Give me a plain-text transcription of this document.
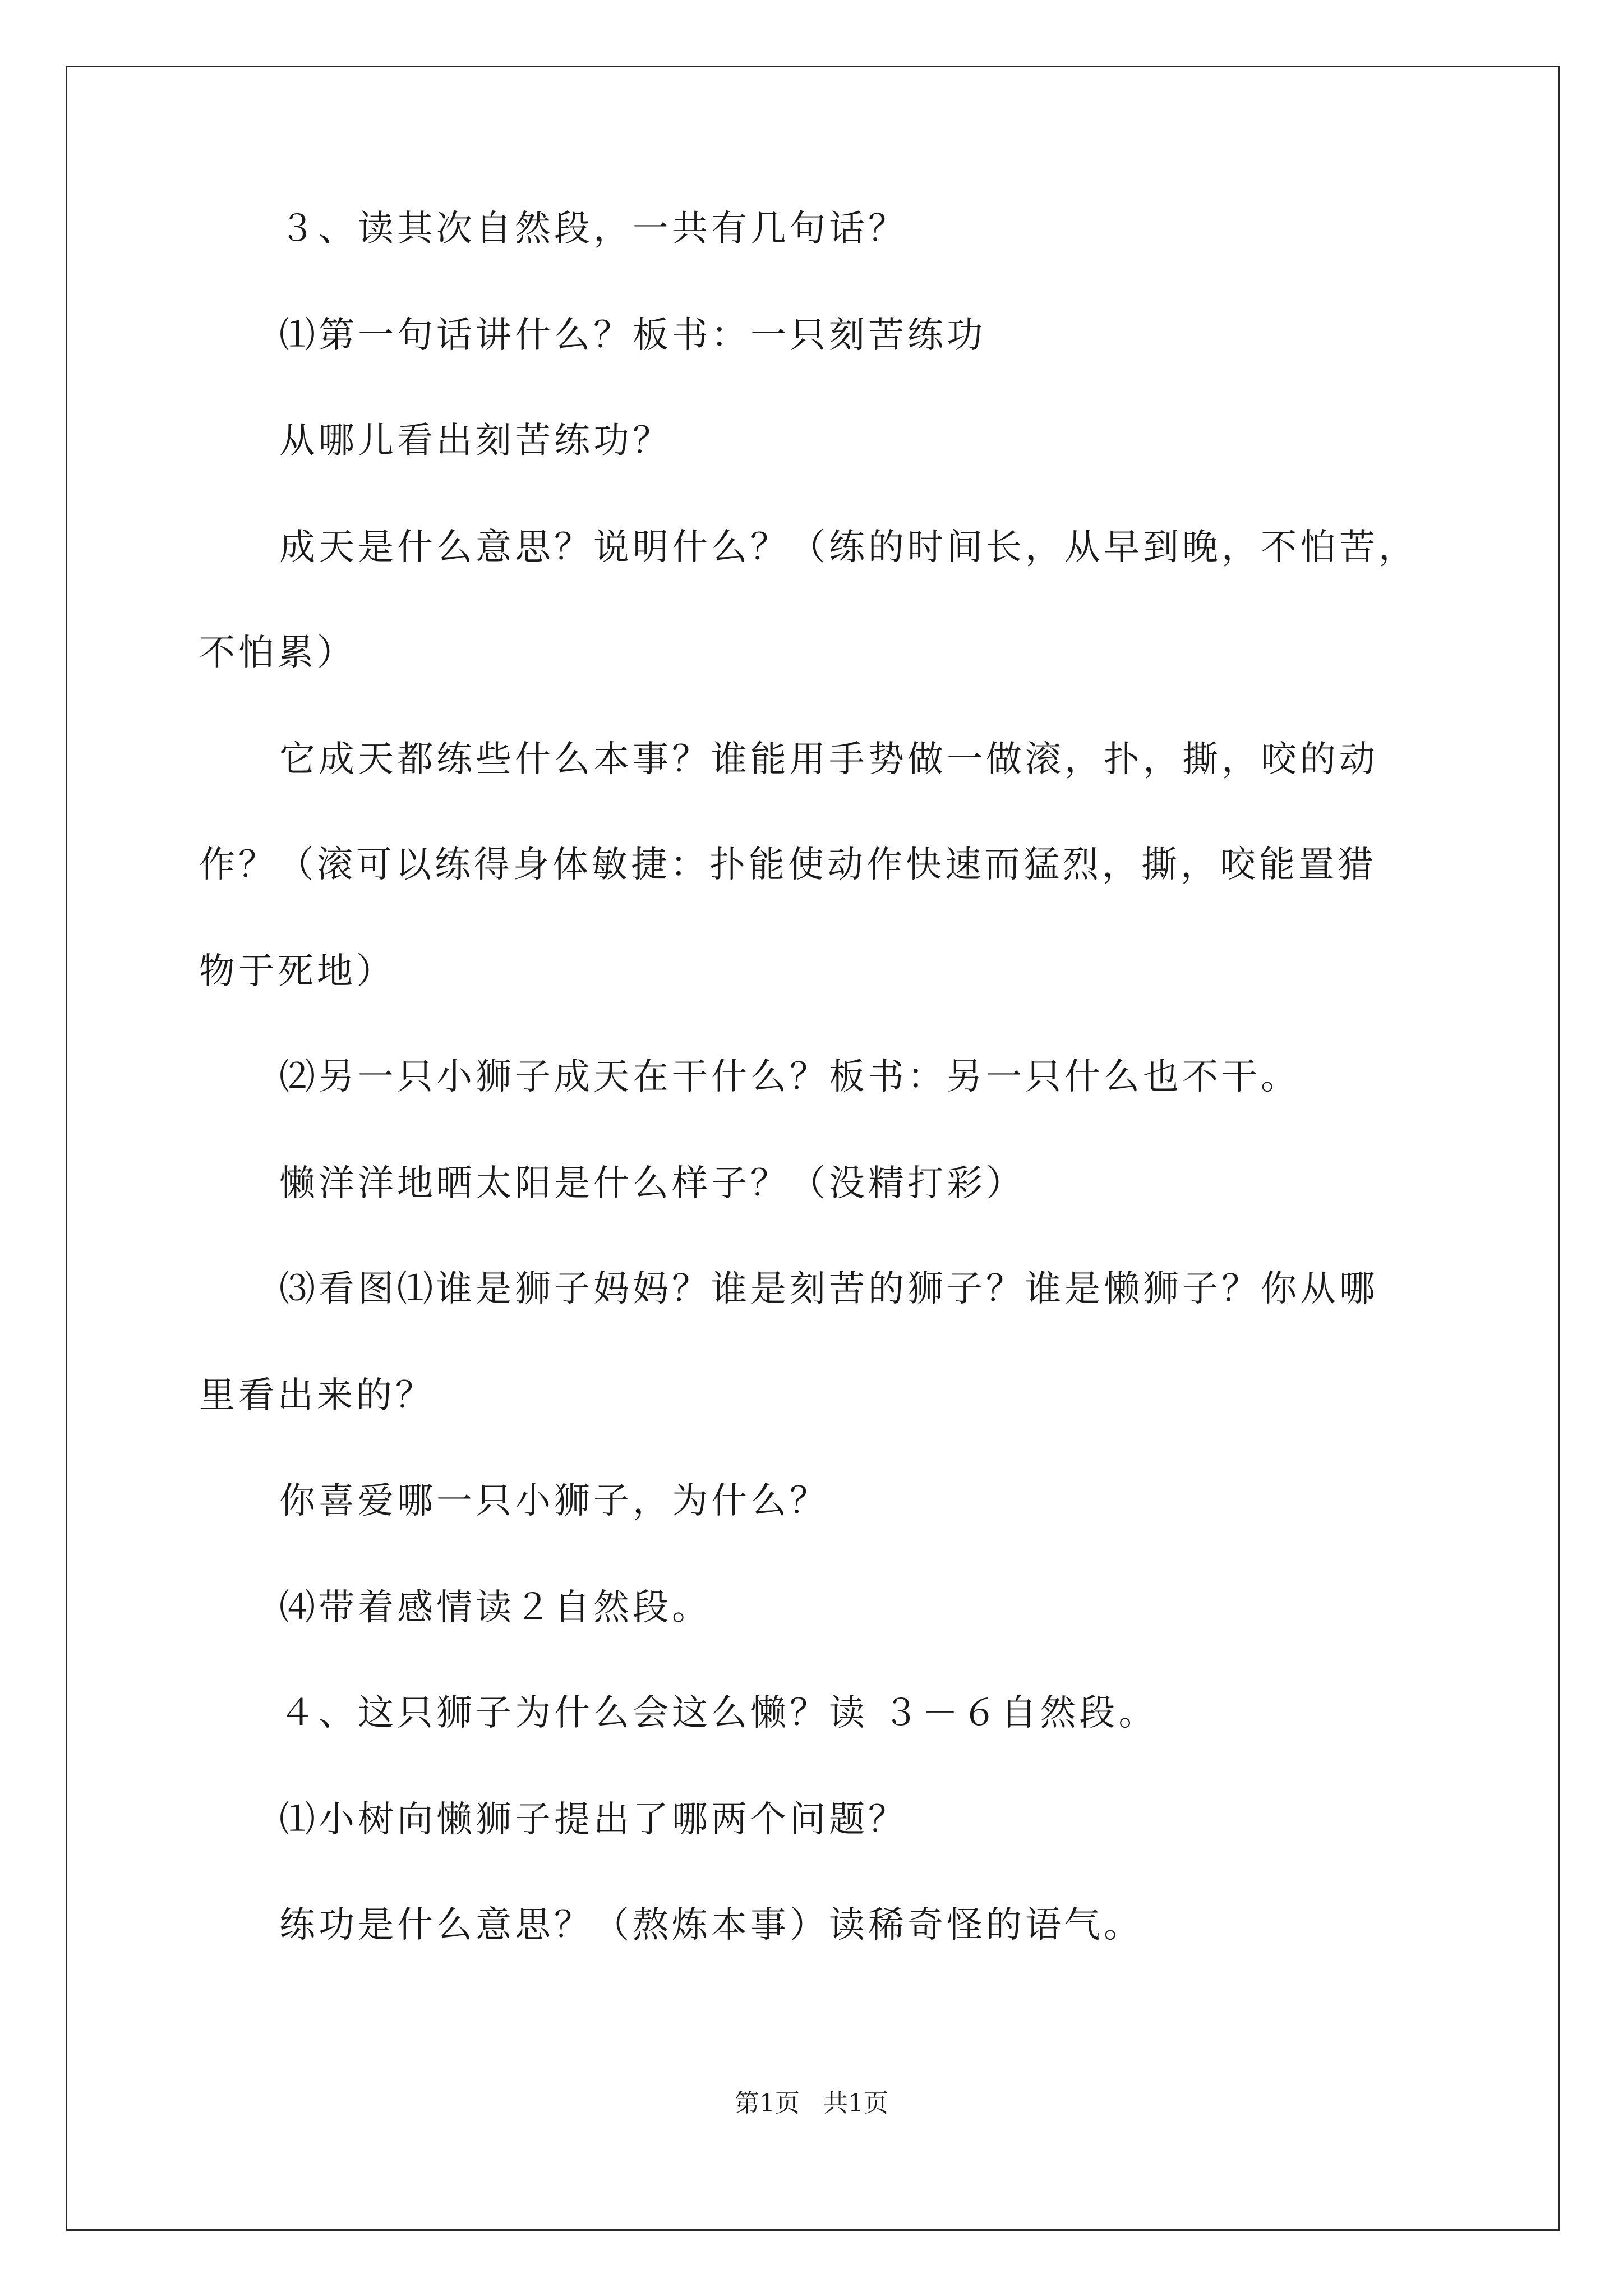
３、读其次自然段，一共有几句话？
⑴第一句话讲什么？板书：一只刻苦练功
从哪儿看出刻苦练功？
成天是什么意思？说明什么？（练的时间长，从早到晚，不怕苦，
不怕累）
它成天都练些什么本事？谁能用手势做一做滚，扑，撕，咬的动
作？（滚可以练得身体敏捷：扑能使动作快速而猛烈，撕，咬能置猎
物于死地）
⑵另一只小狮子成天在干什么？板书：另一只什么也不干。
懒洋洋地晒太阳是什么样子？（没精打彩）
⑶看图⑴谁是狮子妈妈？谁是刻苦的狮子？谁是懒狮子？你从哪
里看出来的？
你喜爱哪一只小狮子，为什么？
⑷带着感情读２自然段。
４、这只狮子为什么会这么懒？读 ３－６自然段。
⑴小树向懒狮子提出了哪两个问题？
练功是什么意思？（熬炼本事）读稀奇怪的语气。
第1页   共1页
